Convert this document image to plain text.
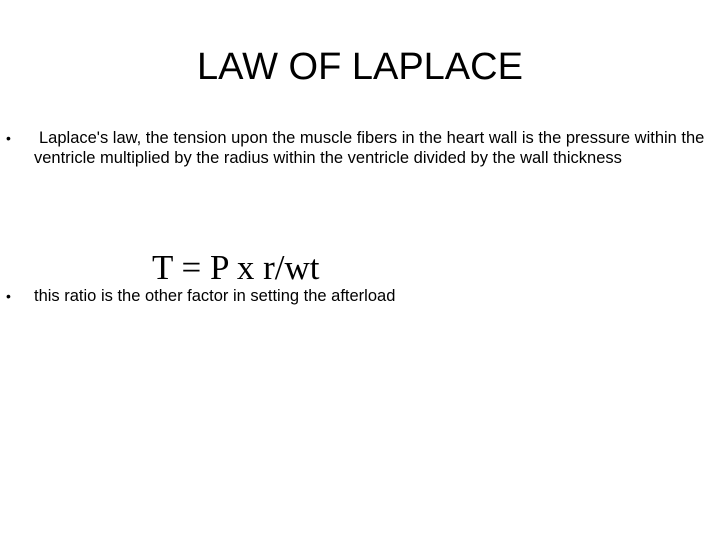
LAW OF LAPLACE
•	Laplace's law, the tension upon the muscle fibers in the heart wall is the pressure within the ventricle multiplied by the radius within the ventricle divided by the wall thickness
T = P x r/wt
• this ratio is the other factor in setting the afterload
